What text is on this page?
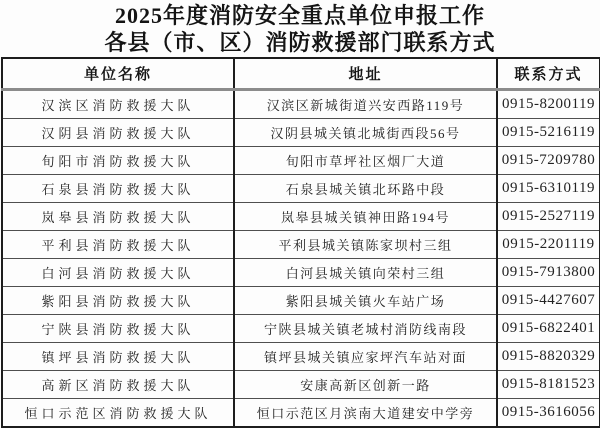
2025年度消防安全重点单位申报工作
各县（市、区）消防救援部门联系方式
单位名称	地址	联系方式
汉滨区消防救援大队	汉滨区新城街道兴安西路119号	0915-8200119
汉阴县消防救援大队	汉阴县城关镇北城街西段56号	0915-5216119
旬阳市消防救援大队	旬阳市草坪社区烟厂大道	0915-7209780
石泉县消防救援大队	石泉县城关镇北环路中段	0915-6310119
岚皋县消防救援大队	岚皋县城关镇神田路194号	0915-2527119
平利县消防救援大队	平利县城关镇陈家坝村三组	0915-2201119
白河县消防救援大队	白河县城关镇向荣村三组	0915-7913800
紫阳县消防救援大队	紫阳县城关镇火车站广场	0915-4427607
宁陕县消防救援大队	宁陕县城关镇老城村消防线南段	0915-6822401
镇坪县消防救援大队	镇坪县城关镇应家坪汽车站对面	0915-8820329
高新区消防救援大队	安康高新区创新一路	0915-8181523
恒口示范区消防救援大队	恒口示范区月滨南大道建安中学旁	0915-3616056
